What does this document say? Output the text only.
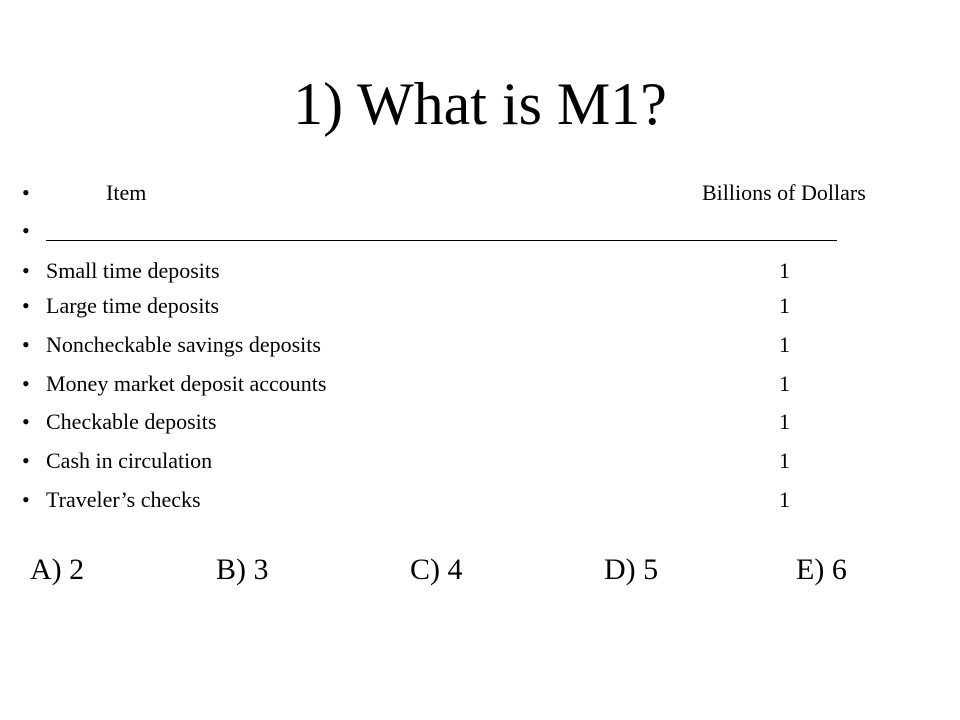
1) What is M1?
•	Item	Billions of Dollars
•
• Small time deposits	1
• Large time deposits	1
• Noncheckable savings deposits	1
• Money market deposit accounts	1
• Checkable deposits	1
• Cash in circulation	1
• Traveler’s checks	1
A) 2	B) 3	C) 4	D) 5	E) 6
